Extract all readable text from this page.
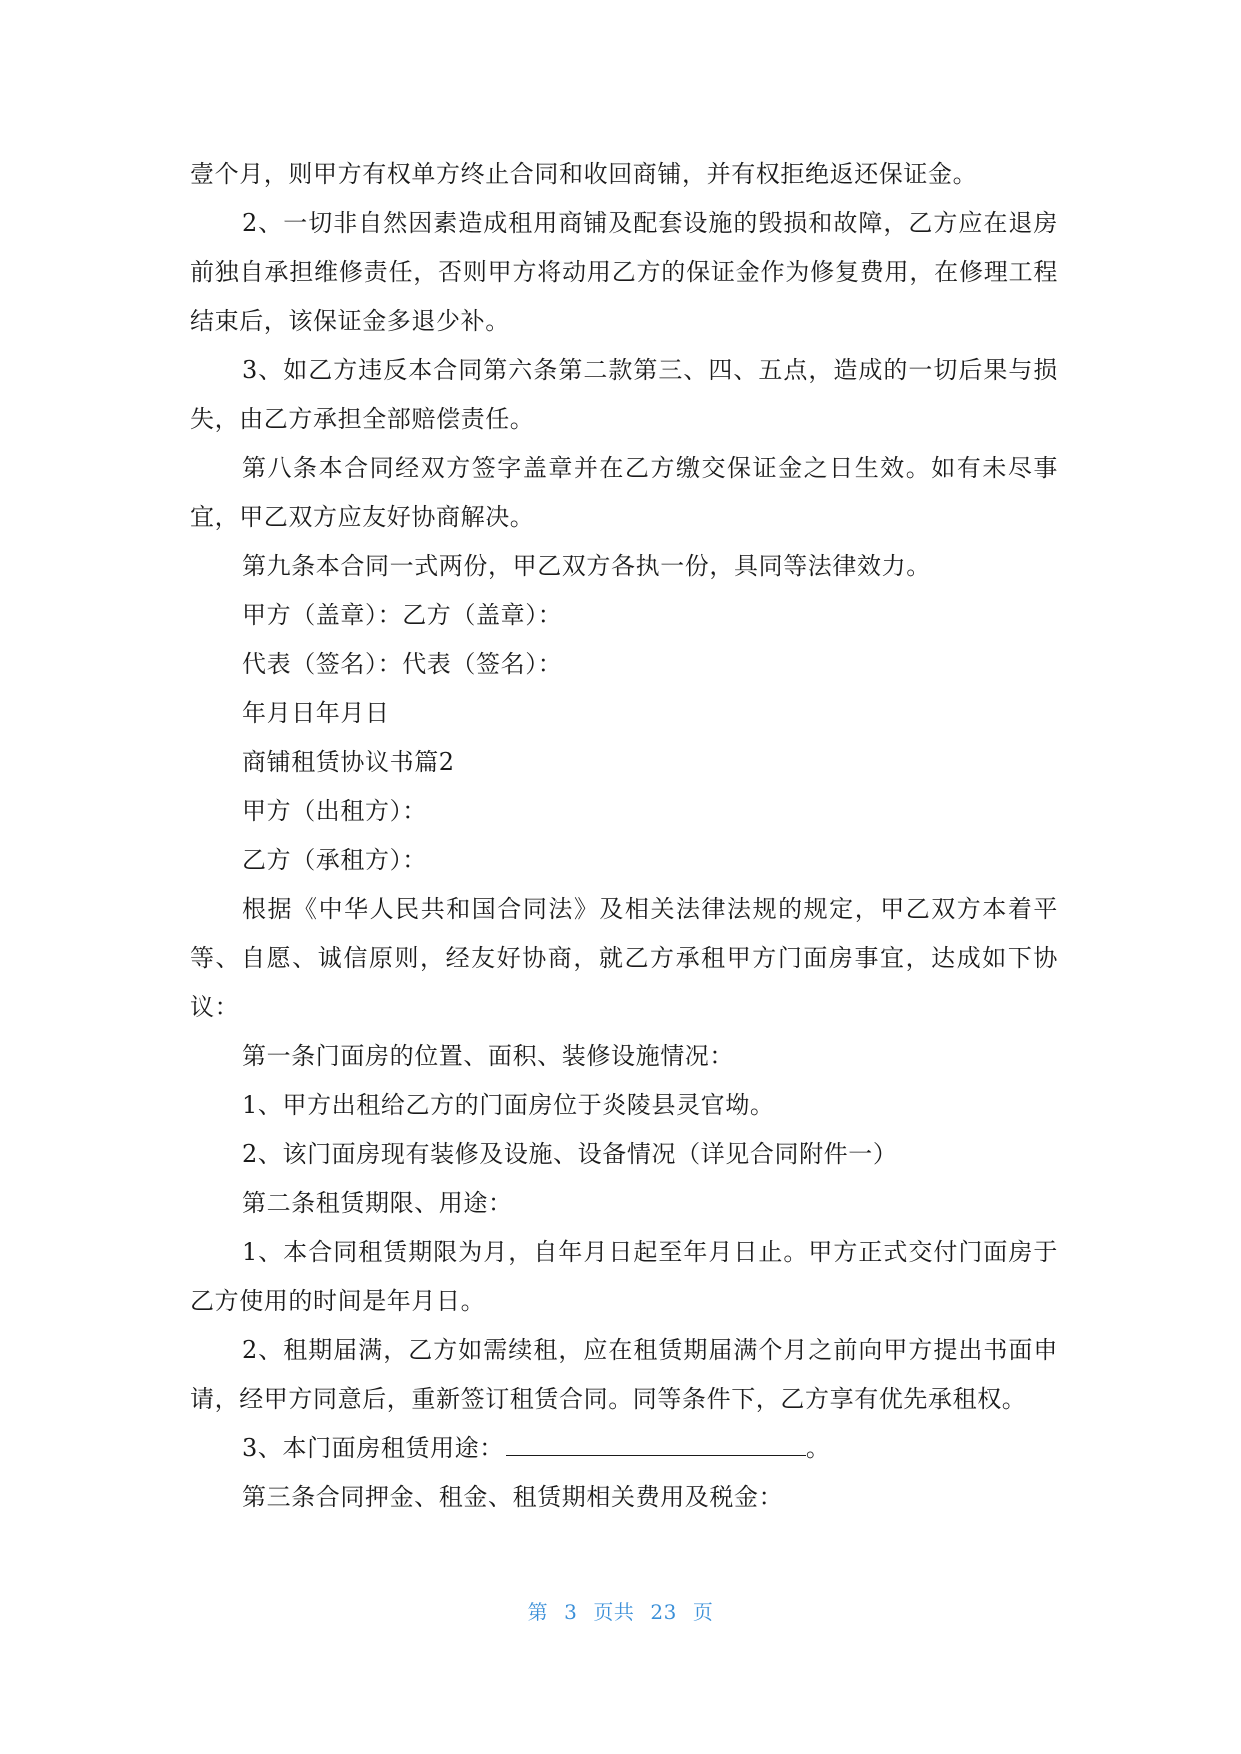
壹个月，则甲方有权单方终止合同和收回商铺，并有权拒绝返还保证金。

2、一切非自然因素造成租用商铺及配套设施的毁损和故障，乙方应在退房前独自承担维修责任，否则甲方将动用乙方的保证金作为修复费用，在修理工程结束后，该保证金多退少补。

3、如乙方违反本合同第六条第二款第三、四、五点，造成的一切后果与损失，由乙方承担全部赔偿责任。

第八条本合同经双方签字盖章并在乙方缴交保证金之日生效。如有未尽事宜，甲乙双方应友好协商解决。

第九条本合同一式两份，甲乙双方各执一份，具同等法律效力。

甲方（盖章）：乙方（盖章）：

代表（签名）：代表（签名）：

年月日年月日

商铺租赁协议书篇2

甲方（出租方）：

乙方（承租方）：

根据《中华人民共和国合同法》及相关法律法规的规定，甲乙双方本着平等、自愿、诚信原则，经友好协商，就乙方承租甲方门面房事宜，达成如下协议：

第一条门面房的位置、面积、装修设施情况：

1、甲方出租给乙方的门面房位于炎陵县灵官坳。

2、该门面房现有装修及设施、设备情况（详见合同附件一）

第二条租赁期限、用途：

1、本合同租赁期限为月，自年月日起至年月日止。甲方正式交付门面房于乙方使用的时间是年月日。

2、租期届满，乙方如需续租，应在租赁期届满个月之前向甲方提出书面申请，经甲方同意后，重新签订租赁合同。同等条件下，乙方享有优先承租权。

3、本门面房租赁用途：	。

第三条合同押金、租金、租赁期相关费用及税金：

第 3 页共 23 页
